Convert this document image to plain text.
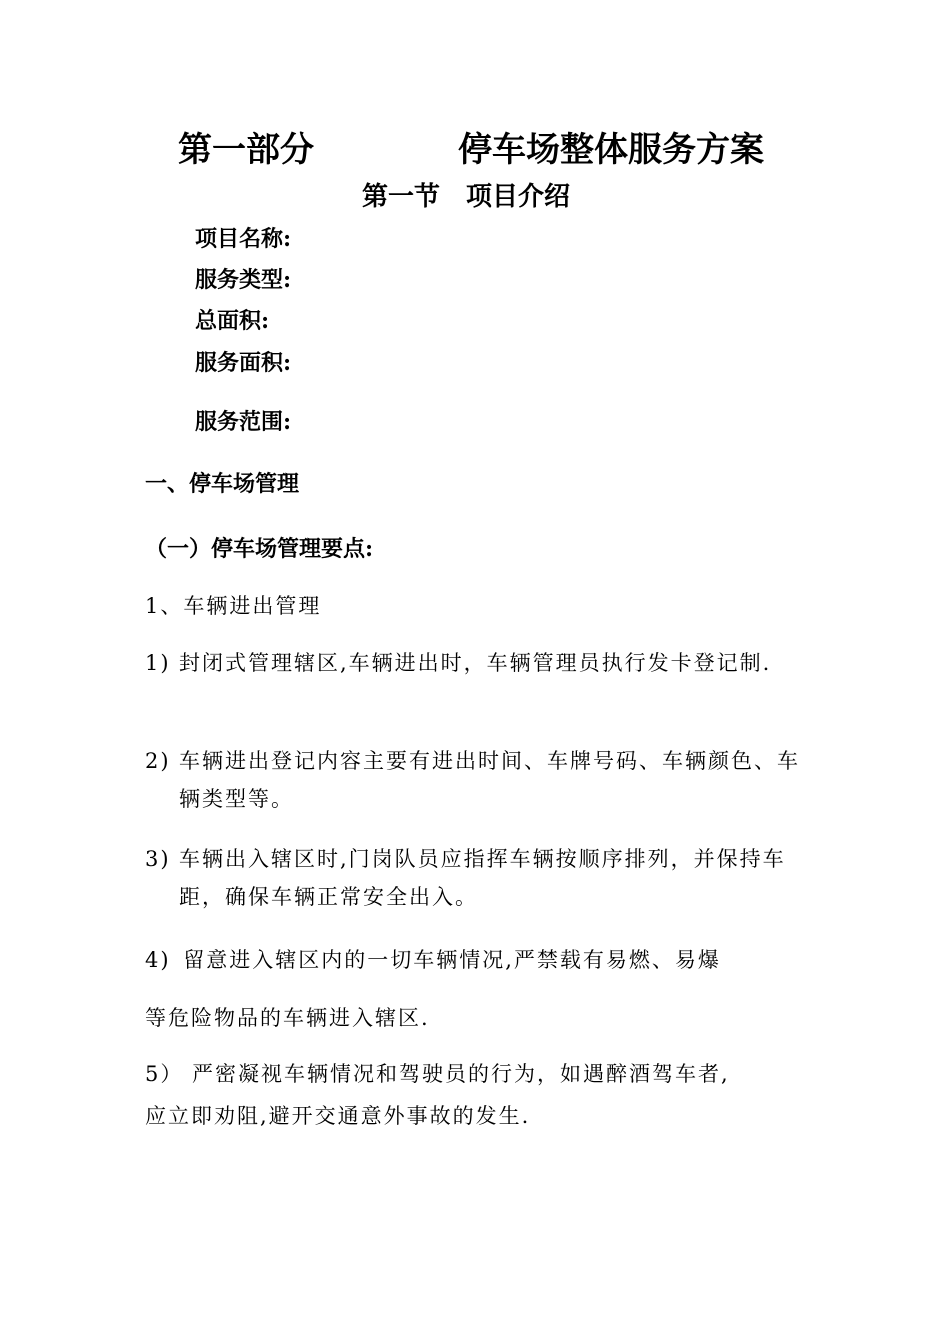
第一部分	停车场整体服务方案
第一节　项目介绍
项目名称:
服务类型:
总面积:
服务面积:
服务范围:
一、停车场管理
（一）停车场管理要点:
1、车辆进出管理
1) 封闭式管理辖区,车辆进出时，车辆管理员执行发卡登记制.
2) 车辆进出登记内容主要有进出时间、车牌号码、车辆颜色、车辆类型等。
3) 车辆出入辖区时,门岗队员应指挥车辆按顺序排列，并保持车距，确保车辆正常安全出入。
4) 留意进入辖区内的一切车辆情况,严禁载有易燃、易爆
等危险物品的车辆进入辖区.
5） 严密凝视车辆情况和驾驶员的行为，如遇醉酒驾车者,
应立即劝阻,避开交通意外事故的发生.
